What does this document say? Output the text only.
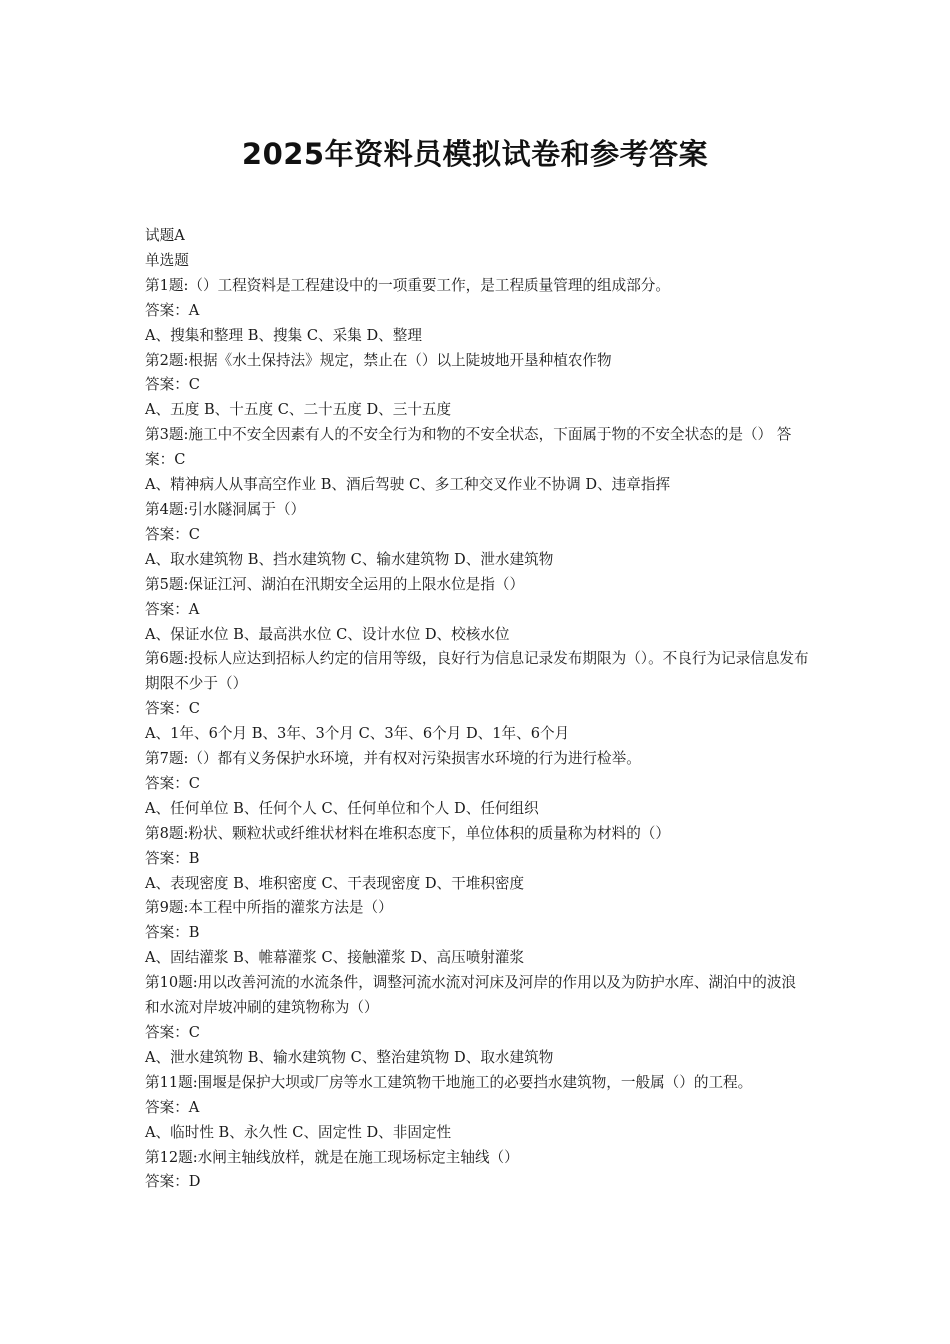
2025年资料员模拟试卷和参考答案

试题A

单选题

第1题:（）工程资料是工程建设中的一项重要工作，是工程质量管理的组成部分。

答案：A

A、搜集和整理 B、搜集 C、采集 D、整理

第2题:根据《水土保持法》规定，禁止在（）以上陡坡地开垦种植农作物

答案：C

A、五度 B、十五度 C、二十五度 D、三十五度

第3题:施工中不安全因素有人的不安全行为和物的不安全状态，下面属于物的不安全状态的是（） 答案：C

A、精神病人从事高空作业 B、酒后驾驶 C、多工种交叉作业不协调 D、违章指挥

第4题:引水隧洞属于（）

答案：C

A、取水建筑物 B、挡水建筑物 C、输水建筑物 D、泄水建筑物

第5题:保证江河、湖泊在汛期安全运用的上限水位是指（）

答案：A

A、保证水位 B、最高洪水位 C、设计水位 D、校核水位

第6题:投标人应达到招标人约定的信用等级，良好行为信息记录发布期限为（）。不良行为记录信息发布期限不少于（）

答案：C

A、1年、6个月 B、3年、3个月 C、3年、6个月 D、1年、6个月

第7题:（）都有义务保护水环境，并有权对污染损害水环境的行为进行检举。

答案：C

A、任何单位 B、任何个人 C、任何单位和个人 D、任何组织

第8题:粉状、颗粒状或纤维状材料在堆积态度下，单位体积的质量称为材料的（）

答案：B

A、表现密度 B、堆积密度 C、干表现密度 D、干堆积密度

第9题:本工程中所指的灌浆方法是（）

答案：B

A、固结灌浆 B、帷幕灌浆 C、接触灌浆 D、高压喷射灌浆

第10题:用以改善河流的水流条件，调整河流水流对河床及河岸的作用以及为防护水库、湖泊中的波浪和水流对岸坡冲刷的建筑物称为（）

答案：C

A、泄水建筑物 B、输水建筑物 C、整治建筑物 D、取水建筑物

第11题:围堰是保护大坝或厂房等水工建筑物干地施工的必要挡水建筑物，一般属（）的工程。

答案：A

A、临时性 B、永久性 C、固定性 D、非固定性

第12题:水闸主轴线放样，就是在施工现场标定主轴线（）

答案：D
